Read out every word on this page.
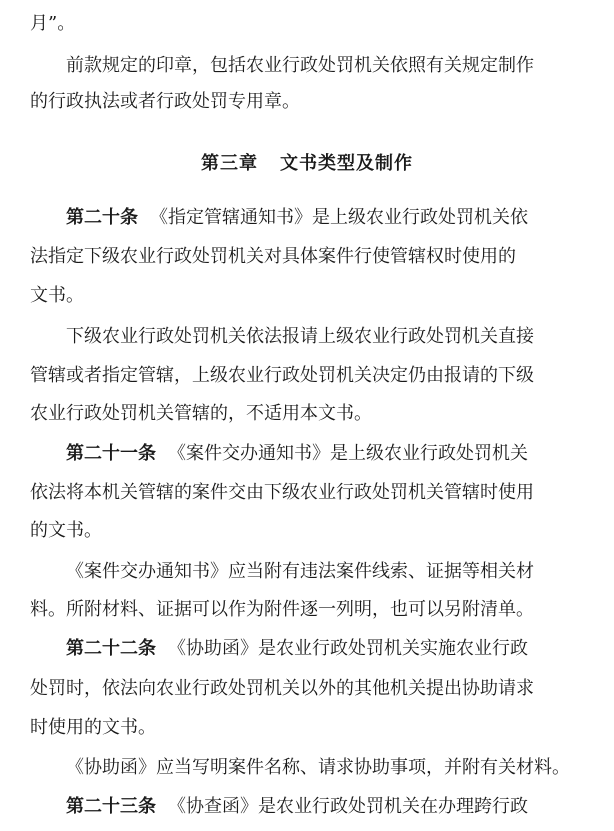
月”。
前款规定的印章，包括农业行政处罚机关依照有关规定制作
的行政执法或者行政处罚专用章。
第三章 文书类型及制作
第二十条 《指定管辖通知书》是上级农业行政处罚机关依
法指定下级农业行政处罚机关对具体案件行使管辖权时使用的
文书。
下级农业行政处罚机关依法报请上级农业行政处罚机关直接
管辖或者指定管辖，上级农业行政处罚机关决定仍由报请的下级
农业行政处罚机关管辖的，不适用本文书。
第二十一条 《案件交办通知书》是上级农业行政处罚机关
依法将本机关管辖的案件交由下级农业行政处罚机关管辖时使用
的文书。
《案件交办通知书》应当附有违法案件线索、证据等相关材
料。所附材料、证据可以作为附件逐一列明，也可以另附清单。
第二十二条 《协助函》是农业行政处罚机关实施农业行政
处罚时，依法向农业行政处罚机关以外的其他机关提出协助请求
时使用的文书。
《协助函》应当写明案件名称、请求协助事项，并附有关材料。
第二十三条 《协查函》是农业行政处罚机关在办理跨行政
